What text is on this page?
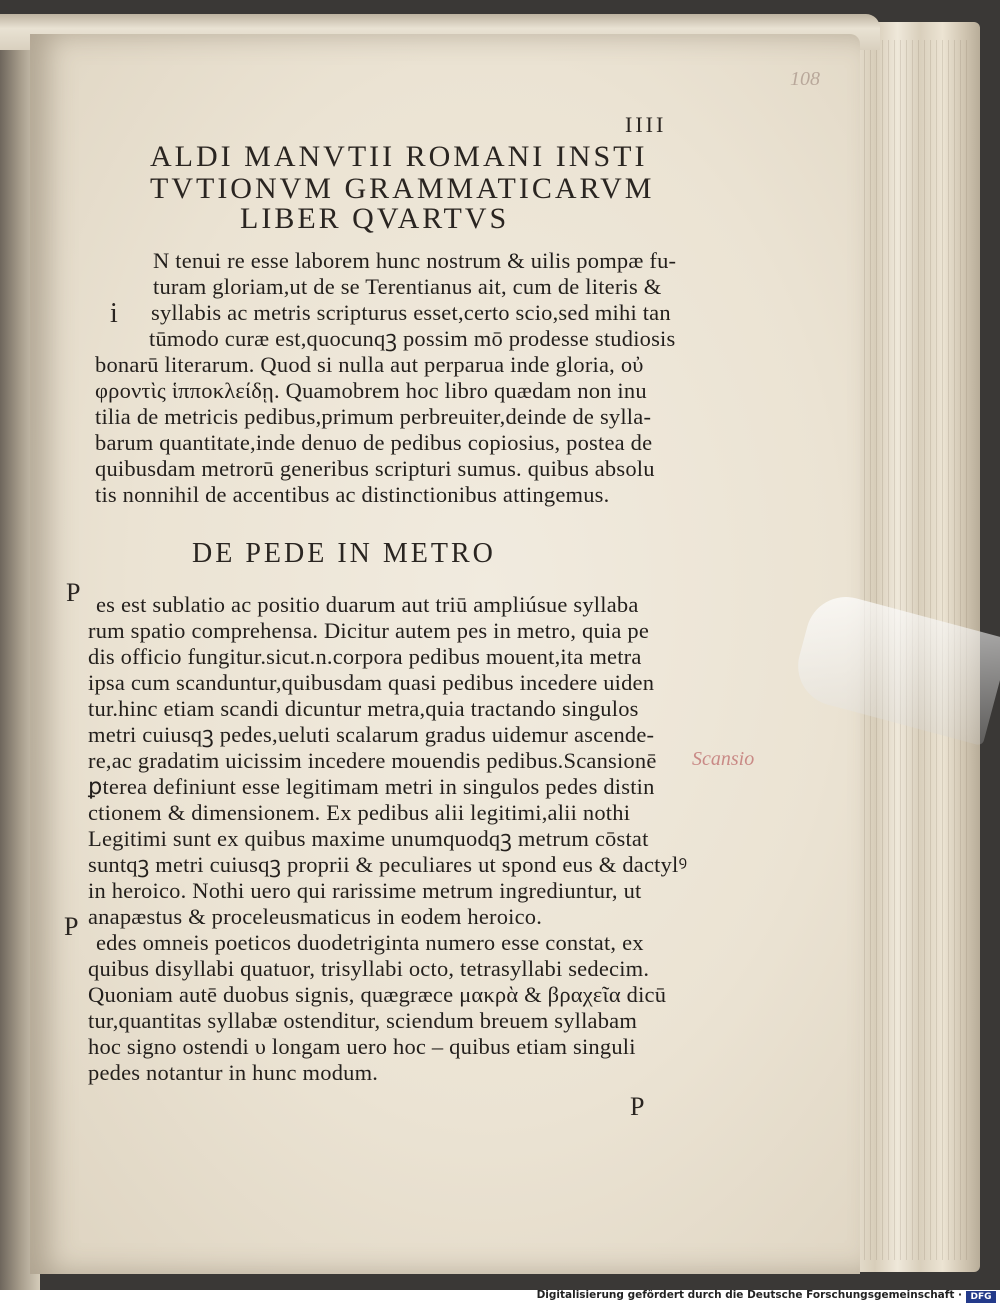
108
IIII
ALDI MANVTII ROMANI INSTI
TVTIONVM GRAMMATICARVM
LIBER QVARTVS
i
N tenui re esse laborem hunc nostrum & uilis pompæ fu-
turam gloriam,ut de se Terentianus ait, cum de literis &
syllabis ac metris scripturus esset,certo scio,sed mihi tan
tūmodo curæ est,quocunqꝫ possim mō prodesse studiosis
bonarū literarum. Quod si nulla aut perparua inde gloria, οὐ
φροντὶς ἱπποκλείδῃ. Quamobrem hoc libro quædam non inu
tilia de metricis pedibus,primum perbreuiter,deinde de sylla-
barum quantitate,inde denuo de pedibus copiosius, postea de
quibusdam metrorū generibus scripturi sumus. quibus absolu
tis nonnihil de accentibus ac distinctionibus attingemus.
DE PEDE IN METRO
P
P
es est sublatio ac positio duarum aut triū ampliúsue syllaba
rum spatio comprehensa. Dicitur autem pes in metro, quia pe
dis officio fungitur.sicut.n.corpora pedibus mouent,ita metra
ipsa cum scanduntur,quibusdam quasi pedibus incedere uiden
tur.hinc etiam scandi dicuntur metra,quia tractando singulos
metri cuiusqꝫ pedes,ueluti scalarum gradus uidemur ascende-
re,ac gradatim uicissim incedere mouendis pedibus.Scansionē
ꝑterea definiunt esse legitimam metri in singulos pedes distin
ctionem & dimensionem. Ex pedibus alii legitimi,alii nothi
Legitimi sunt ex quibus maxime unumquodqꝫ metrum cōstat
suntqꝫ metri cuiusqꝫ proprii & peculiares ut spond eus & dactylꝰ
in heroico. Nothi uero qui rarissime metrum ingrediuntur, ut
anapæstus & proceleusmaticus in eodem heroico.
edes omneis poeticos duodetriginta numero esse constat, ex
quibus disyllabi quatuor, trisyllabi octo, tetrasyllabi sedecim.
Quoniam autē duobus signis, quægræce μακρὰ & βραχεῖα dicū
tur,quantitas syllabæ ostenditur, sciendum breuem syllabam
hoc signo ostendi υ longam uero hoc – quibus etiam singuli
pedes notantur in hunc modum.
Scansio
P
Digitalisierung gefördert durch die Deutsche Forschungsgemeinschaft · DFG
